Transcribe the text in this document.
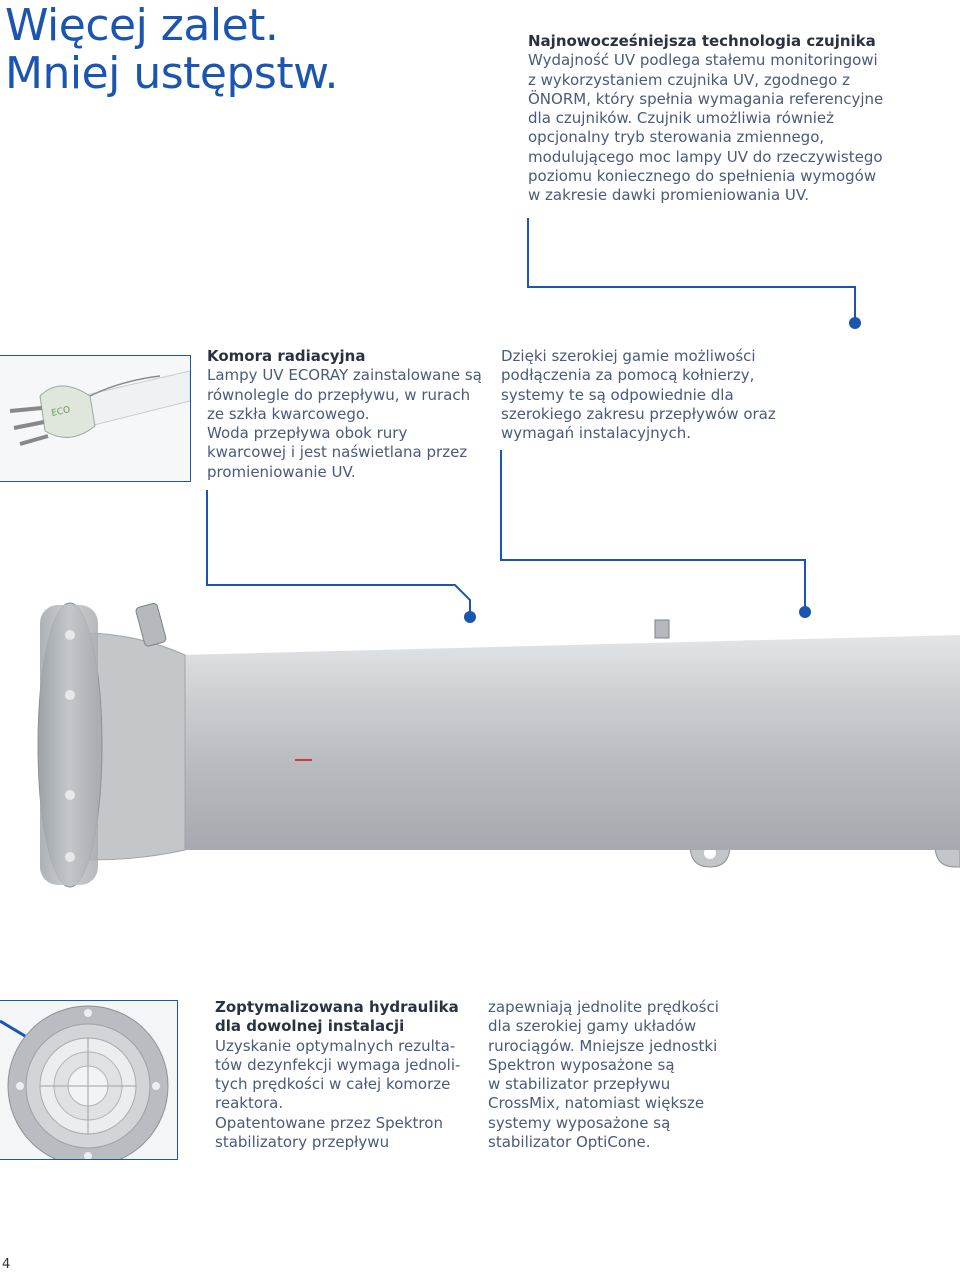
Więcej zalet.
Mniej ustępstw.
Najnowocześniejsza technologia czujnika
Wydajność UV podlega stałemu monitoringowi
z wykorzystaniem czujnika UV, zgodnego z
ÖNORM, który spełnia wymagania referencyjne
dla czujników. Czujnik umożliwia również
opcjonalny tryb sterowania zmiennego,
modulującego moc lampy UV do rzeczywistego
poziomu koniecznego do spełnienia wymogów
w zakresie dawki promieniowania UV.
ECO
Komora radiacyjna
Lampy UV ECORAY zainstalowane są
równolegle do przepływu, w rurach
ze szkła kwarcowego.
Woda przepływa obok rury
kwarcowej i jest naświetlana przez
promieniowanie UV.
Dzięki szerokiej gamie możliwości
podłączenia za pomocą kołnierzy,
systemy te są odpowiednie dla
szerokiego zakresu przepływów oraz
wymagań instalacyjnych.
Zoptymalizowana hydraulika
dla dowolnej instalacji
Uzyskanie optymalnych rezulta-
tów dezynfekcji wymaga jednoli-
tych prędkości w całej komorze
reaktora.
Opatentowane przez Spektron
stabilizatory przepływu
zapewniają jednolite prędkości
dla szerokiej gamy układów
rurociągów. Mniejsze jednostki
Spektron wyposażone są
w stabilizator przepływu
CrossMix, natomiast większe
systemy wyposażone są
stabilizator OptiCone.
4
